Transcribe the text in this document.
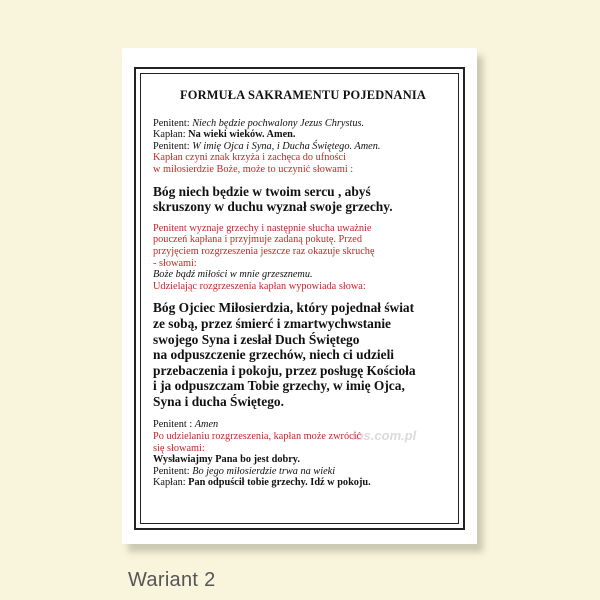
los.com.pl
FORMUŁA SAKRAMENTU POJEDNANIA

Penitent: Niech będzie pochwalony Jezus Chrystus.

Kapłan: Na wieki wieków. Amen.

Penitent: W imię Ojca i Syna, i Ducha Świętego. Amen.

Kapłan czyni znak krzyża i zachęca do ufności

w miłosierdzie Boże, może to uczynić słowami :

Bóg niech będzie w twoim sercu , abyś

skruszony w duchu wyznał swoje grzechy.

Penitent wyznaje grzechy i następnie słucha uważnie

pouczeń kapłana i przyjmuje zadaną pokutę. Przed

przyjęciem rozgrzeszenia jeszcze raz okazuje skruchę

- słowami:

Boże bądź miłości w mnie grzesznemu.

Udzielając rozgrzeszenia kapłan wypowiada słowa:

Bóg Ojciec Miłosierdzia, który pojednał świat

ze sobą, przez śmierć i zmartwychwstanie

swojego Syna i zesłał Duch Świętego

na odpuszczenie grzechów, niech ci udzieli

przebaczenia i pokoju, przez posługę Kościoła

i ja odpuszczam Tobie grzechy, w imię Ojca,

Syna i ducha Świętego.

Penitent : Amen

Po udzielaniu rozgrzeszenia, kapłan może zwrócić

się słowami:

Wysławiajmy Pana bo jest dobry.

Penitent: Bo jego miłosierdzie trwa na wieki

Kapłan: Pan odpuścił tobie grzechy. Idź w pokoju.

Wariant 2
